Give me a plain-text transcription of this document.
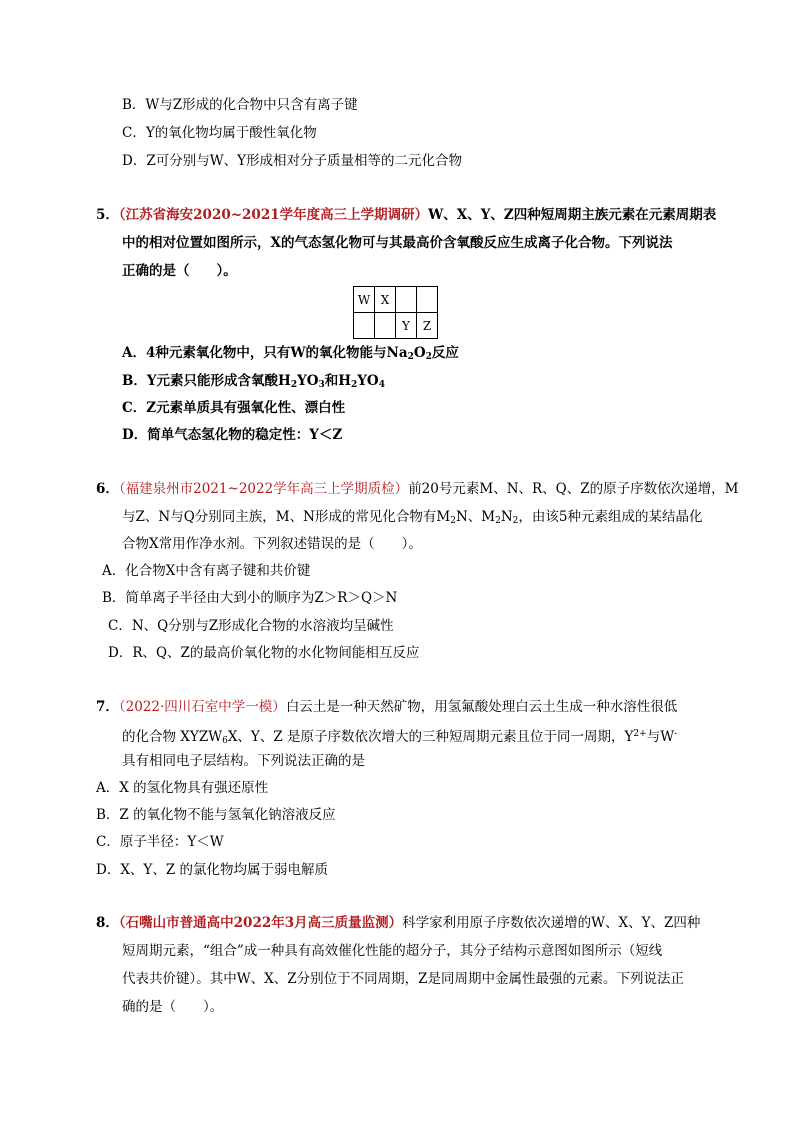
B．W与Z形成的化合物中只含有离子键
C．Y的氧化物均属于酸性氧化物
D．Z可分别与W、Y形成相对分子质量相等的二元化合物
5．（江苏省海安2020~2021学年度高三上学期调研）W、X、Y、Z四种短周期主族元素在元素周期表
中的相对位置如图所示，X的气态氢化物可与其最高价含氧酸反应生成离子化合物。下列说法
正确的是（　　）。
W	X		
		Y	Z
A．4种元素氧化物中，只有W的氧化物能与$Na_2O_2$反应
B．Y元素只能形成含氧酸$H_2YO_3$和$H_2YO_4$
C．Z元素单质具有强氧化性、漂白性
D．简单气态氢化物的稳定性：Y＜Z
6．（福建泉州市2021~2022学年高三上学期质检）前20号元素M、N、R、Q、Z的原子序数依次递增，M
与Z、N与Q分别同主族，M、N形成的常见化合物有$M_2N$、$M_2N_2$，由该5种元素组成的某结晶化
合物X常用作净水剂。下列叙述错误的是（　　）。
A．化合物X中含有离子键和共价键
B．简单离子半径由大到小的顺序为Z＞R＞Q＞N
C．N、Q分别与Z形成化合物的水溶液均呈碱性
D．R、Q、Z的最高价氧化物的水化物间能相互反应
7．（2022·四川石室中学一模）白云土是一种天然矿物，用氢氟酸处理白云土生成一种水溶性很低
的化合物 $XYZW_6X$、Y、Z 是原子序数依次增大的三种短周期元素且位于同一周期，$Y^{2+}$与W-
具有相同电子层结构。下列说法正确的是
A．X 的氢化物具有强还原性
B．Z 的氧化物不能与氢氧化钠溶液反应
C．原子半径：Y＜W
D．X、Y、Z 的氯化物均属于弱电解质
8．（石嘴山市普通高中2022年3月高三质量监测）科学家利用原子序数依次递增的W、X、Y、Z四种
短周期元素，“组合”成一种具有高效催化性能的超分子，其分子结构示意图如图所示（短线
代表共价键）。其中W、X、Z分别位于不同周期，Z是同周期中金属性最强的元素。下列说法正
确的是（　　）。
